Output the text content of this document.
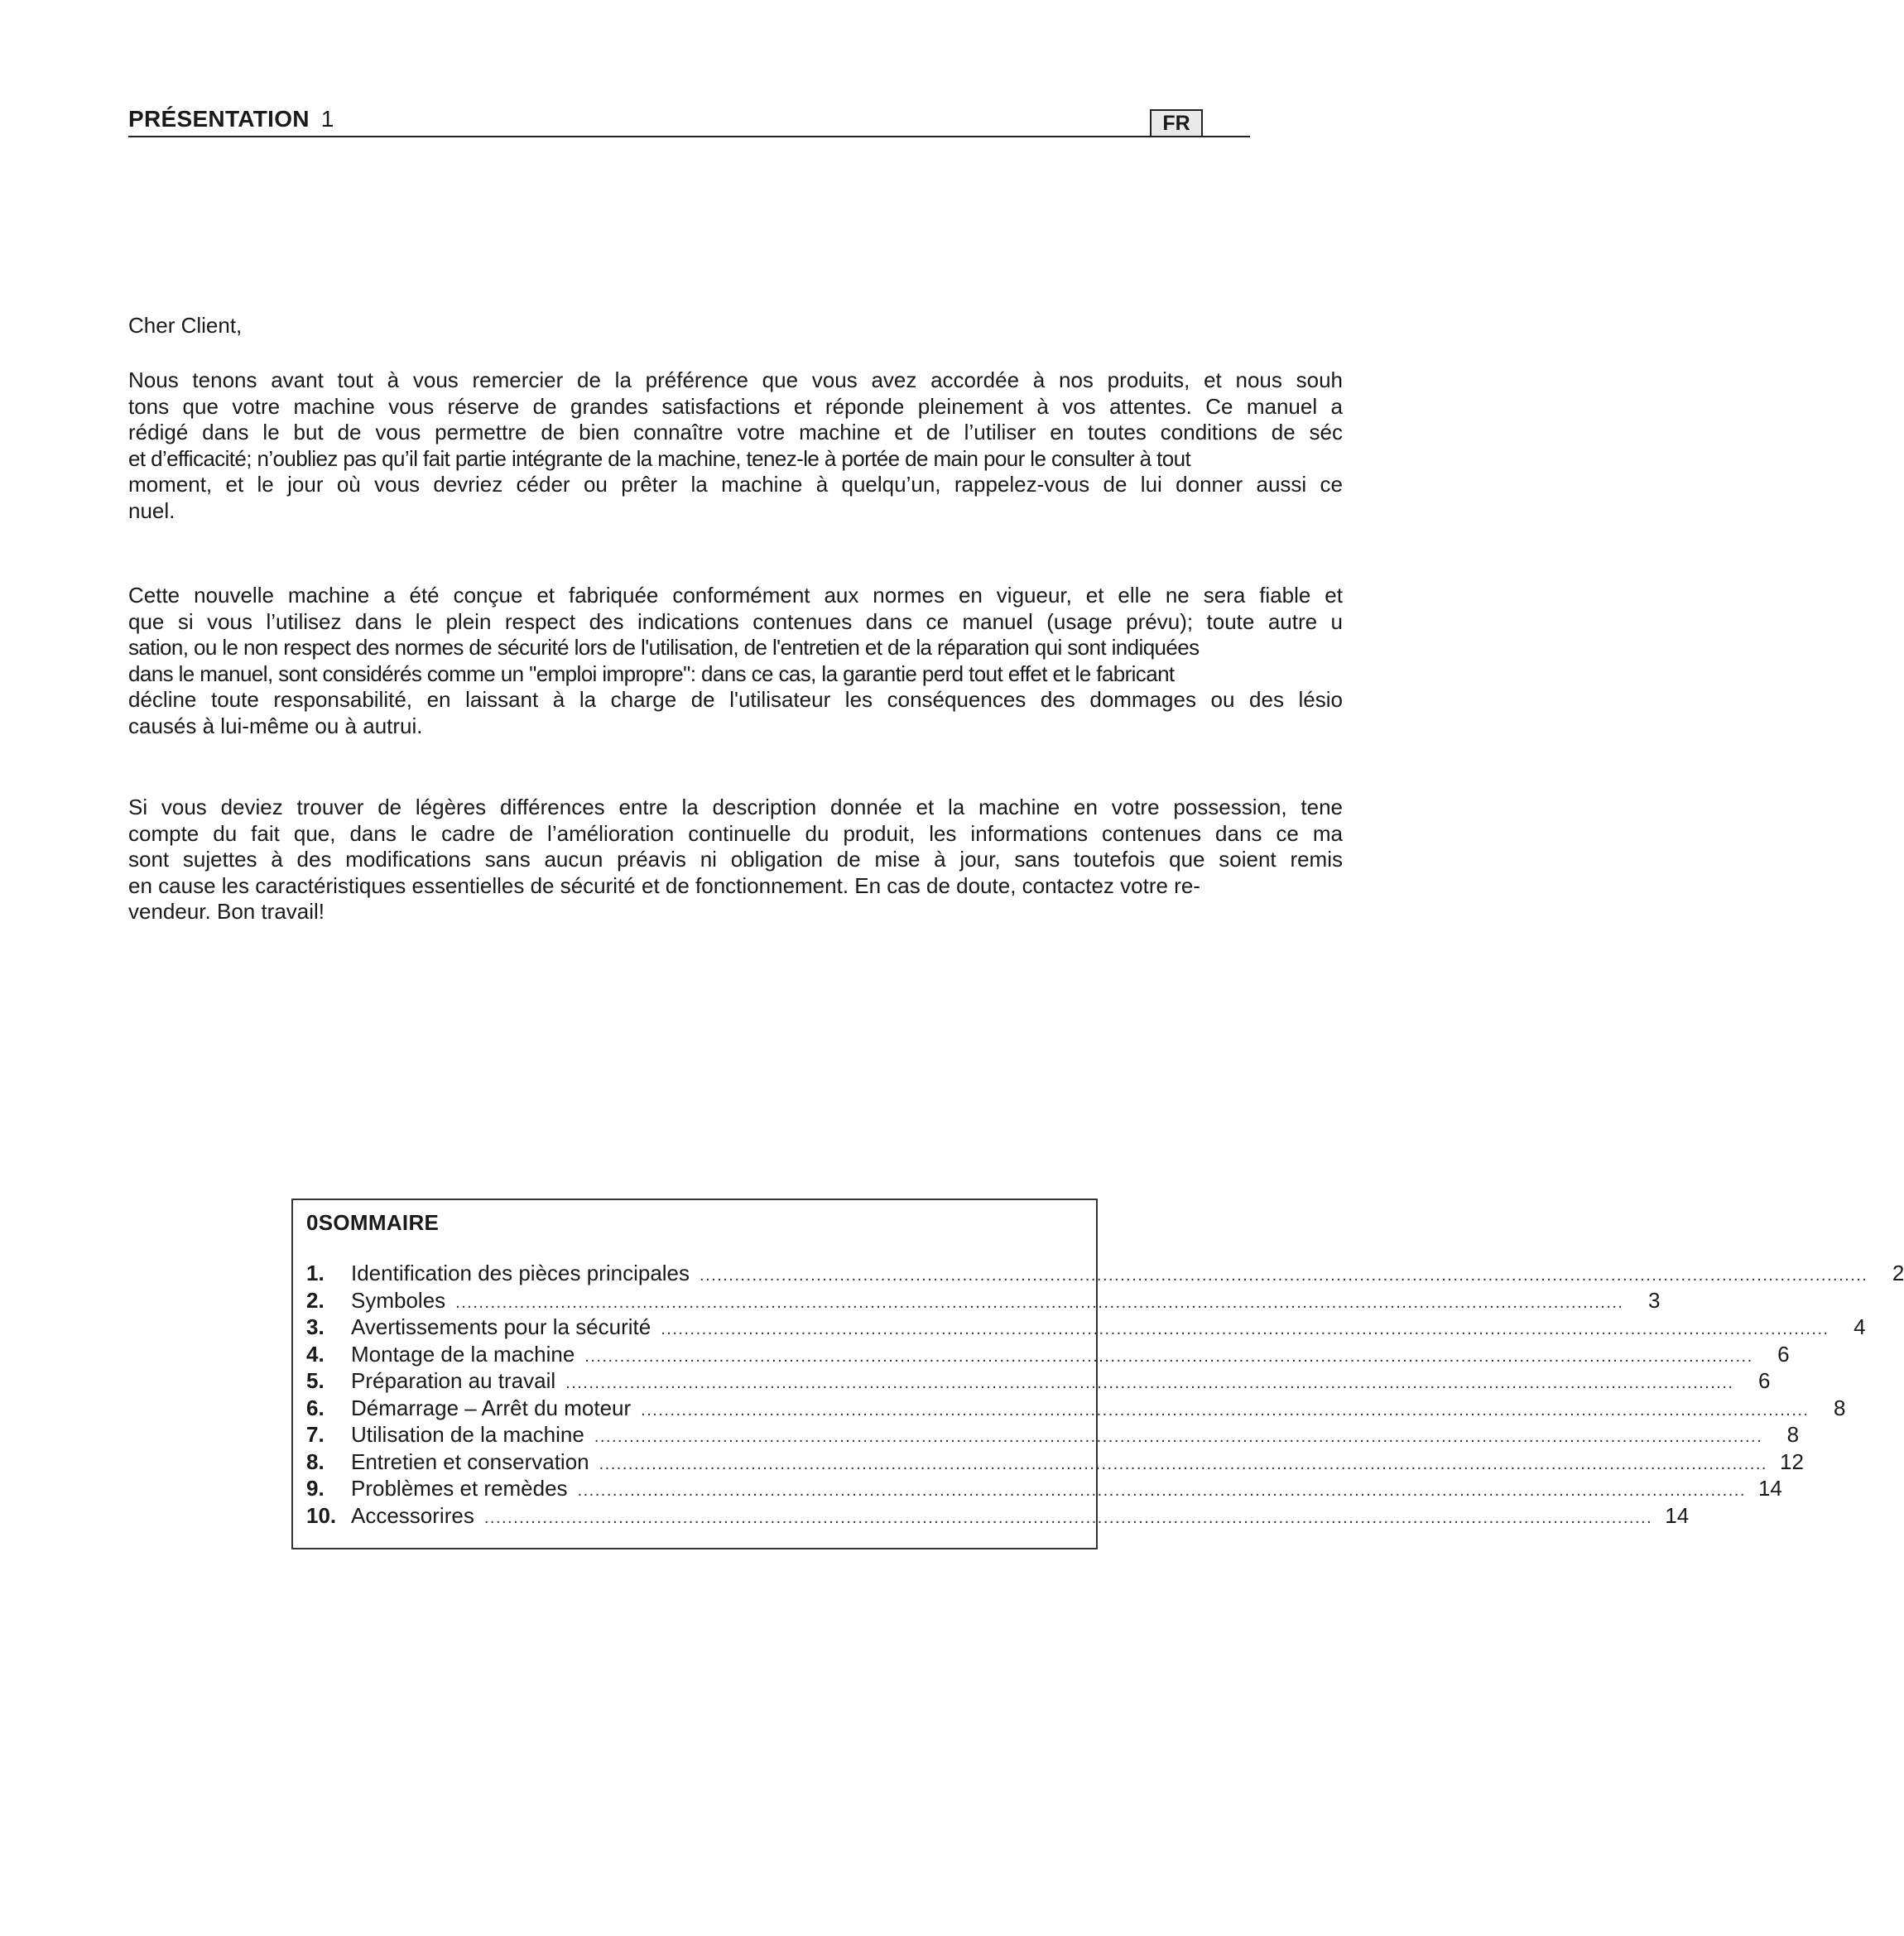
PRÉSENTATION 1	FR
Cher Client,
Nous tenons avant tout à vous remercier de la préférence que vous avez accordée à nos produits, et nous souh
tons que votre machine vous réserve de grandes satisfactions et réponde pleinement à vos attentes. Ce manuel a
rédigé dans le but de vous permettre de bien connaître votre machine et de l’utiliser en toutes conditions de séc
et d’efficacité; n’oubliez pas qu’il fait partie intégrante de la machine, tenez-le à portée de main pour le consulter à tout
moment, et le jour où vous devriez céder ou prêter la machine à quelqu’un, rappelez-vous de lui donner aussi ce
nuel.
Cette nouvelle machine a été conçue et fabriquée conformément aux normes en vigueur, et elle ne sera fiable et
que si vous l’utilisez dans le plein respect des indications contenues dans ce manuel (usage prévu); toute autre u
sation, ou le non respect des normes de sécurité lors de l'utilisation, de l'entretien et de la réparation qui sont indiquées
dans le manuel, sont considérés comme un "emploi impropre": dans ce cas, la garantie perd tout effet et le fabricant
décline toute responsabilité, en laissant à la charge de l'utilisateur les conséquences des dommages ou des lésio
causés à lui-même ou à autrui.
Si vous deviez trouver de légères différences entre la description donnée et la machine en votre possession, tene
compte du fait que, dans le cadre de l’amélioration continuelle du produit, les informations contenues dans ce ma
sont sujettes à des modifications sans aucun préavis ni obligation de mise à jour, sans toutefois que soient remis
en cause les caractéristiques essentielles de sécurité et de fonctionnement. En cas de doute, contactez votre re-
vendeur. Bon travail!
0SOMMAIRE
1.	Identification des pièces principales ........................................................................................................................................................................................................	2
2.	Symboles ........................................................................................................................................................................................................	3
3.	Avertissements pour la sécurité ........................................................................................................................................................................................................	4
4.	Montage de la machine ........................................................................................................................................................................................................	6
5.	Préparation au travail ........................................................................................................................................................................................................	6
6.	Démarrage – Arrêt du moteur ........................................................................................................................................................................................................	8
7.	Utilisation de la machine ........................................................................................................................................................................................................	8
8.	Entretien et conservation ........................................................................................................................................................................................................ 12
9.	Problèmes et remèdes ........................................................................................................................................................................................................ 14
10. Accessorires ........................................................................................................................................................................................................ 14
